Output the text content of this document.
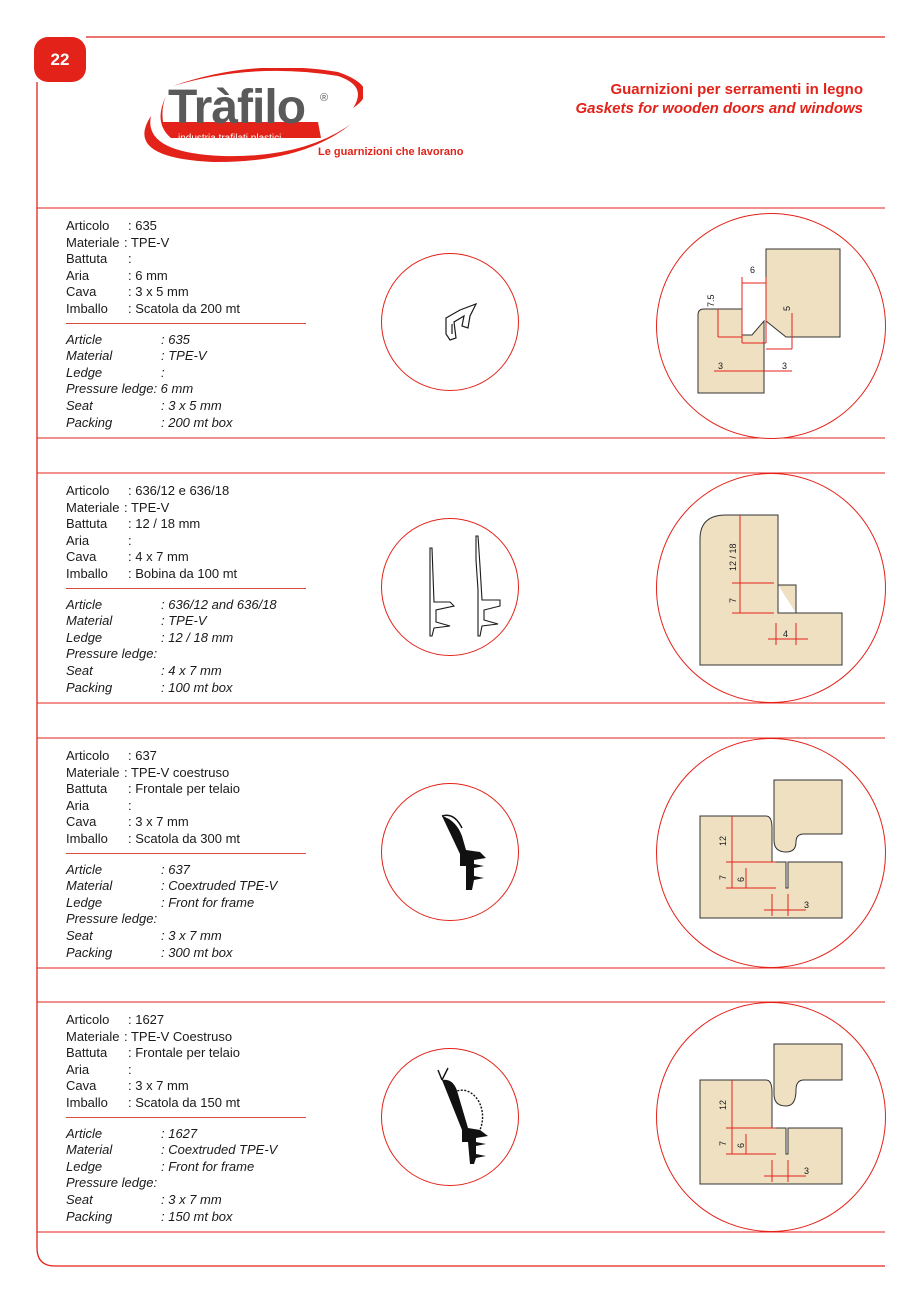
22
Tràfilo ®
industria trafilati plastici
Le guarnizioni che lavorano
Guarnizioni per serramenti in legno
Gaskets for wooden doors and windows
Articolo	: 635
Materiale : TPE-V
Battuta	:
Aria	: 6 mm
Cava	: 3 x 5 mm
Imballo	: Scatola da 200 mt
Article	: 635
Material	: TPE-V
Ledge	:
Pressure ledge : 6 mm
Seat	: 3 x 5 mm
Packing	: 200 mt box
7.5
6
5
3	3
Articolo	: 636/12 e 636/18
Materiale : TPE-V
Battuta	: 12 / 18 mm
Aria	:
Cava	: 4 x 7 mm
Imballo	: Bobina da 100 mt
Article	: 636/12 and 636/18
Material	: TPE-V
Ledge	: 12 / 18 mm
Pressure ledge :
Seat	: 4 x 7 mm
Packing	: 100 mt box
12 / 18
7
4
Articolo	: 637
Materiale : TPE-V coestruso
Battuta	: Frontale per telaio
Aria	:
Cava	: 3 x 7 mm
Imballo	: Scatola da 300 mt
Article	: 637
Material	: Coextruded TPE-V
Ledge	: Front for frame
Pressure ledge :
Seat	: 3 x 7 mm
Packing	: 300 mt box
12
7 6
3
Articolo	: 1627
Materiale : TPE-V Coestruso
Battuta	: Frontale per telaio
Aria	:
Cava	: 3 x 7 mm
Imballo	: Scatola da 150 mt
Article	: 1627
Material	: Coextruded TPE-V
Ledge	: Front for frame
Pressure ledge :
Seat	: 3 x 7 mm
Packing	: 150 mt box
12
7 6
3
